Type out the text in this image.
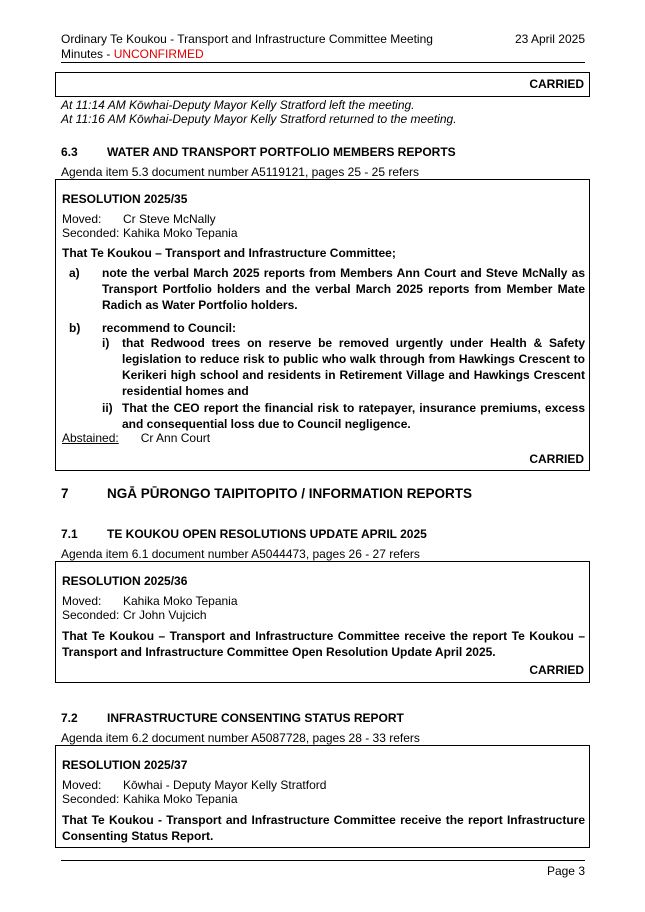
Ordinary Te Koukou - Transport and Infrastructure Committee Meeting
Minutes - UNCONFIRMED
23 April 2025
CARRIED
At 11:14 AM Kōwhai-Deputy Mayor Kelly Stratford left the meeting.
At 11:16 AM Kōwhai-Deputy Mayor Kelly Stratford returned to the meeting.
6.3 WATER AND TRANSPORT PORTFOLIO MEMBERS REPORTS
Agenda item 5.3 document number A5119121, pages 25 - 25 refers
RESOLUTION 2025/35
Moved: Cr Steve McNally
Seconded: Kahika Moko Tepania
That Te Koukou – Transport and Infrastructure Committee;
a) note the verbal March 2025 reports from Members Ann Court and Steve McNally as Transport Portfolio holders and the verbal March 2025 reports from Member Mate Radich as Water Portfolio holders.
b) recommend to Council:
i) that Redwood trees on reserve be removed urgently under Health & Safety legislation to reduce risk to public who walk through from Hawkings Crescent to Kerikeri high school and residents in Retirement Village and Hawkings Crescent residential homes and
ii) That the CEO report the financial risk to ratepayer, insurance premiums, excess and consequential loss due to Council negligence.
Abstained: Cr Ann Court
CARRIED
7	NGĀ PŪRONGO TAIPITOPITO / INFORMATION REPORTS
7.1 TE KOUKOU OPEN RESOLUTIONS UPDATE APRIL 2025
Agenda item 6.1 document number A5044473, pages 26 - 27 refers
RESOLUTION 2025/36
Moved: Kahika Moko Tepania
Seconded: Cr John Vujcich
That Te Koukou – Transport and Infrastructure Committee receive the report Te Koukou – Transport and Infrastructure Committee Open Resolution Update April 2025.
CARRIED
7.2 INFRASTRUCTURE CONSENTING STATUS REPORT
Agenda item 6.2 document number A5087728, pages 28 - 33 refers
RESOLUTION 2025/37
Moved: Kōwhai - Deputy Mayor Kelly Stratford
Seconded: Kahika Moko Tepania
That Te Koukou - Transport and Infrastructure Committee receive the report Infrastructure Consenting Status Report.
Page 3
